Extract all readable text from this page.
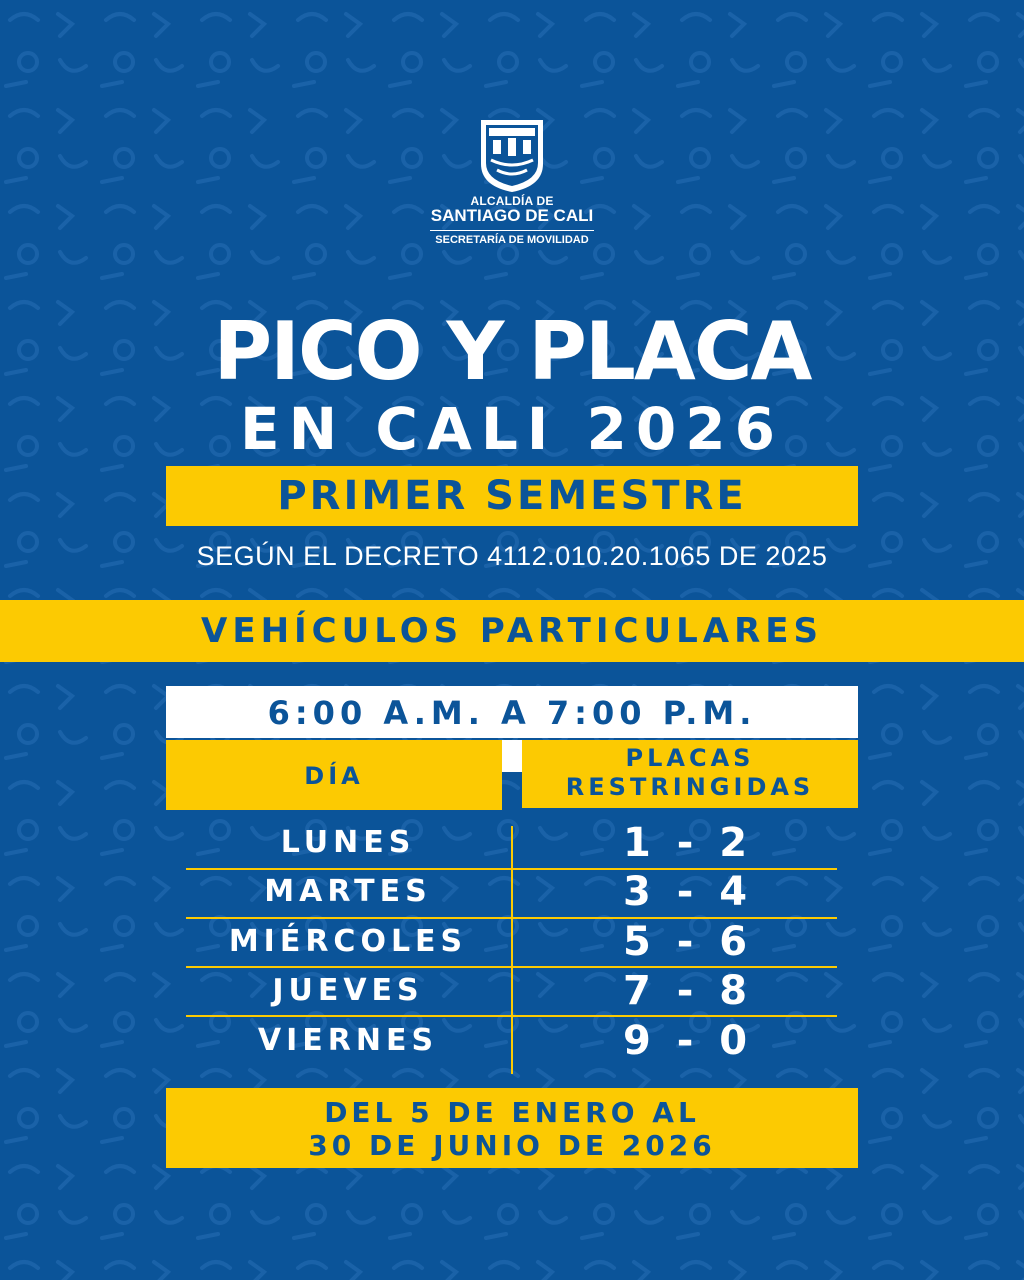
ALCALDÍA DE
SANTIAGO DE CALI
SECRETARÍA DE MOVILIDAD
PICO Y PLACA
EN CALI 2026
PRIMER SEMESTRE
SEGÚN EL DECRETO 4112.010.20.1065 DE 2025
VEHÍCULOS PARTICULARES
6:00 A.M. A 7:00 P.M.
DÍA
PLACAS
RESTRINGIDAS
LUNES	1 - 2
MARTES	3 - 4
MIÉRCOLES	5 - 6
JUEVES	7 - 8
VIERNES	9 - 0
DEL 5 DE ENERO AL
30 DE JUNIO DE 2026
